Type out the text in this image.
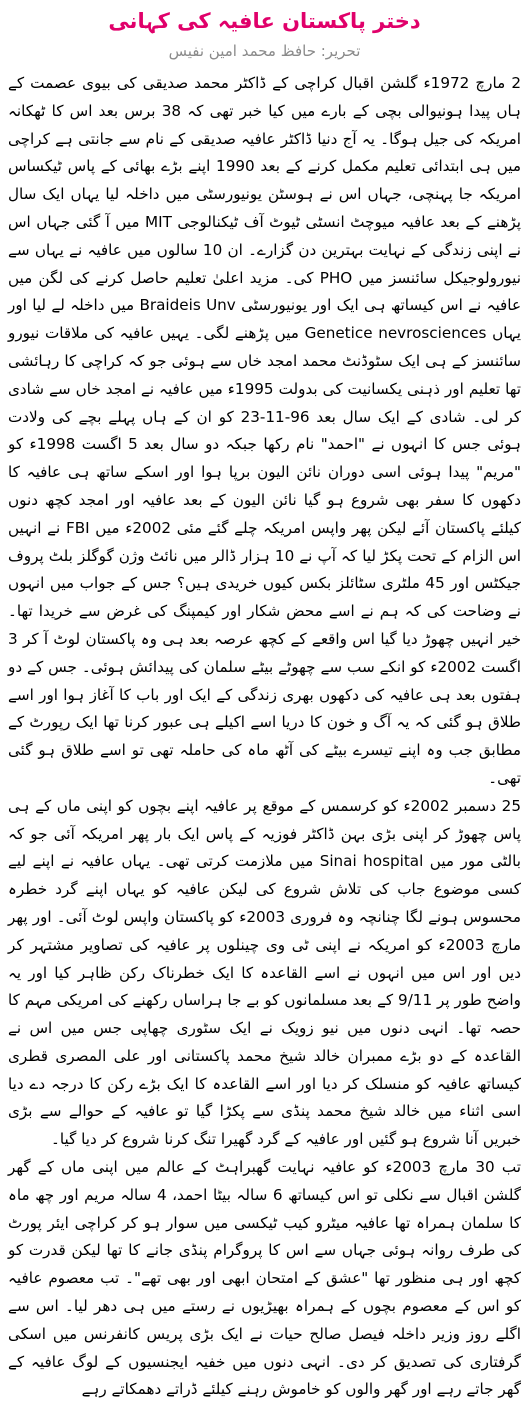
دختر پاکستان عافیہ کی کہانی
تحریر: حافظ محمد امین نفیس

2 مارچ 1972ء گلشن اقبال کراچی کے ڈاکٹر محمد صدیقی کی بیوی عصمت کے ہاں پیدا ہونیوالی بچی کے بارے میں کیا خبر تھی کہ 38 برس بعد اس کا ٹھکانہ امریکہ کی جیل ہوگا۔ یہ آج دنیا ڈاکٹر عافیہ صدیقی کے نام سے جانتی ہے کراچی میں ہی ابتدائی تعلیم مکمل کرنے کے بعد 1990 اپنے بڑے بھائی کے پاس ٹیکساس امریکہ جا پہنچی، جہاں اس نے ہوسٹن یونیورسٹی میں داخلہ لیا یہاں ایک سال پڑھنے کے بعد عافیہ میوچٹ انسٹی ٹیوٹ آف ٹیکنالوجی MIT میں آ گئی جہاں اس نے اپنی زندگی کے نہایت بہترین دن گزارے۔ ان 10 سالوں میں عافیہ نے یہاں سے نیورولوجیکل سائنسز میں PHO کی۔ مزید اعلیٰ تعلیم حاصل کرنے کی لگن میں عافیہ نے اس کیساتھ ہی ایک اور یونیورسٹی Braideis Unv میں داخلہ لے لیا اور یہاں Genetice nevrosciences میں پڑھنے لگی۔ یہیں عافیہ کی ملاقات نیورو سائنسز کے ہی ایک سٹوڈنٹ محمد امجد خاں سے ہوئی جو کہ کراچی کا رہائشی تھا تعلیم اور ذہنی یکسانیت کی بدولت 1995ء میں عافیہ نے امجد خاں سے شادی کر لی۔ شادی کے ایک سال بعد 96-11-23 کو ان کے ہاں پہلے بچے کی ولادت ہوئی جس کا انہوں نے "احمد" نام رکھا جبکہ دو سال بعد 5 اگست 1998ء کو "مریم" پیدا ہوئی اسی دوران نائن الیون برپا ہوا اور اسکے ساتھ ہی عافیہ کا دکھوں کا سفر بھی شروع ہو گیا نائن الیون کے بعد عافیہ اور امجد کچھ دنوں کیلئے پاکستان آئے لیکن پھر واپس امریکہ چلے گئے مئی 2002ء میں FBI نے انہیں اس الزام کے تحت پکڑ لیا کہ آپ نے 10 ہزار ڈالر میں نائٹ وژن گوگلز بلٹ پروف جیکٹس اور 45 ملٹری سٹائلز بکس کیوں خریدی ہیں؟ جس کے جواب میں انہوں نے وضاحت کی کہ ہم نے اسے محض شکار اور کیمپنگ کی غرض سے خریدا تھا۔ خیر انہیں چھوڑ دیا گیا اس واقعے کے کچھ عرصہ بعد ہی وہ پاکستان لوٹ آ کر 3 اگست 2002ء کو انکے سب سے چھوٹے بیٹے سلمان کی پیدائش ہوئی۔ جس کے دو ہفتوں بعد ہی عافیہ کی دکھوں بھری زندگی کے ایک اور باب کا آغاز ہوا اور اسے طلاق ہو گئی کہ یہ آگ و خون کا دریا اسے اکیلے ہی عبور کرنا تھا ایک رپورٹ کے مطابق جب وہ اپنے تیسرے بیٹے کی آٹھ ماہ کی حاملہ تھی تو اسے طلاق ہو گئی تھی۔

25 دسمبر 2002ء کو کرسمس کے موقع پر عافیہ اپنے بچوں کو اپنی ماں کے ہی پاس چھوڑ کر اپنی بڑی بہن ڈاکٹر فوزیہ کے پاس ایک بار پھر امریکہ آئی جو کہ بالٹی مور میں Sinai hospital میں ملازمت کرتی تھی۔ یہاں عافیہ نے اپنے لیے کسی موضوع جاب کی تلاش شروع کی لیکن عافیہ کو یہاں اپنے گرد خطرہ محسوس ہونے لگا چنانچہ وہ فروری 2003ء کو پاکستان واپس لوٹ آئی۔ اور پھر مارچ 2003ء کو امریکہ نے اپنی ٹی وی چینلوں پر عافیہ کی تصاویر مشتہر کر دیں اور اس میں انہوں نے اسے القاعدہ کا ایک خطرناک رکن ظاہر کیا اور یہ واضح طور پر 9/11 کے بعد مسلمانوں کو بے جا ہراساں رکھنے کی امریکی مہم کا حصہ تھا۔ انہی دنوں میں نیو زویک نے ایک سٹوری چھاپی جس میں اس نے القاعدہ کے دو بڑے ممبران خالد شیخ محمد پاکستانی اور علی المصری قطری کیساتھ عافیہ کو منسلک کر دیا اور اسے القاعدہ کا ایک بڑے رکن کا درجہ دے دیا اسی اثناء میں خالد شیخ محمد پنڈی سے پکڑا گیا تو عافیہ کے حوالے سے بڑی خبریں آنا شروع ہو گئیں اور عافیہ کے گرد گھیرا تنگ کرنا شروع کر دیا گیا۔

تب 30 مارچ 2003ء کو عافیہ نہایت گھبراہٹ کے عالم میں اپنی ماں کے گھر گلشن اقبال سے نکلی تو اس کیساتھ 6 سالہ بیٹا احمد، 4 سالہ مریم اور چھ ماہ کا سلمان ہمراہ تھا عافیہ میٹرو کیب ٹیکسی میں سوار ہو کر کراچی ایئر پورٹ کی طرف روانہ ہوئی جہاں سے اس کا پروگرام پنڈی جانے کا تھا لیکن قدرت کو کچھ اور ہی منظور تھا "عشق کے امتحان ابھی اور بھی تھے"۔ تب معصوم عافیہ کو اس کے معصوم بچوں کے ہمراہ بھیڑیوں نے رستے میں ہی دھر لیا۔ اس سے اگلے روز وزیر داخلہ فیصل صالح حیات نے ایک بڑی پریس کانفرنس میں اسکی گرفتاری کی تصدیق کر دی۔ انہی دنوں میں خفیہ ایجنسیوں کے لوگ عافیہ کے گھر جاتے رہے اور گھر والوں کو خاموش رہنے کیلئے ڈراتے دھمکاتے رہے
